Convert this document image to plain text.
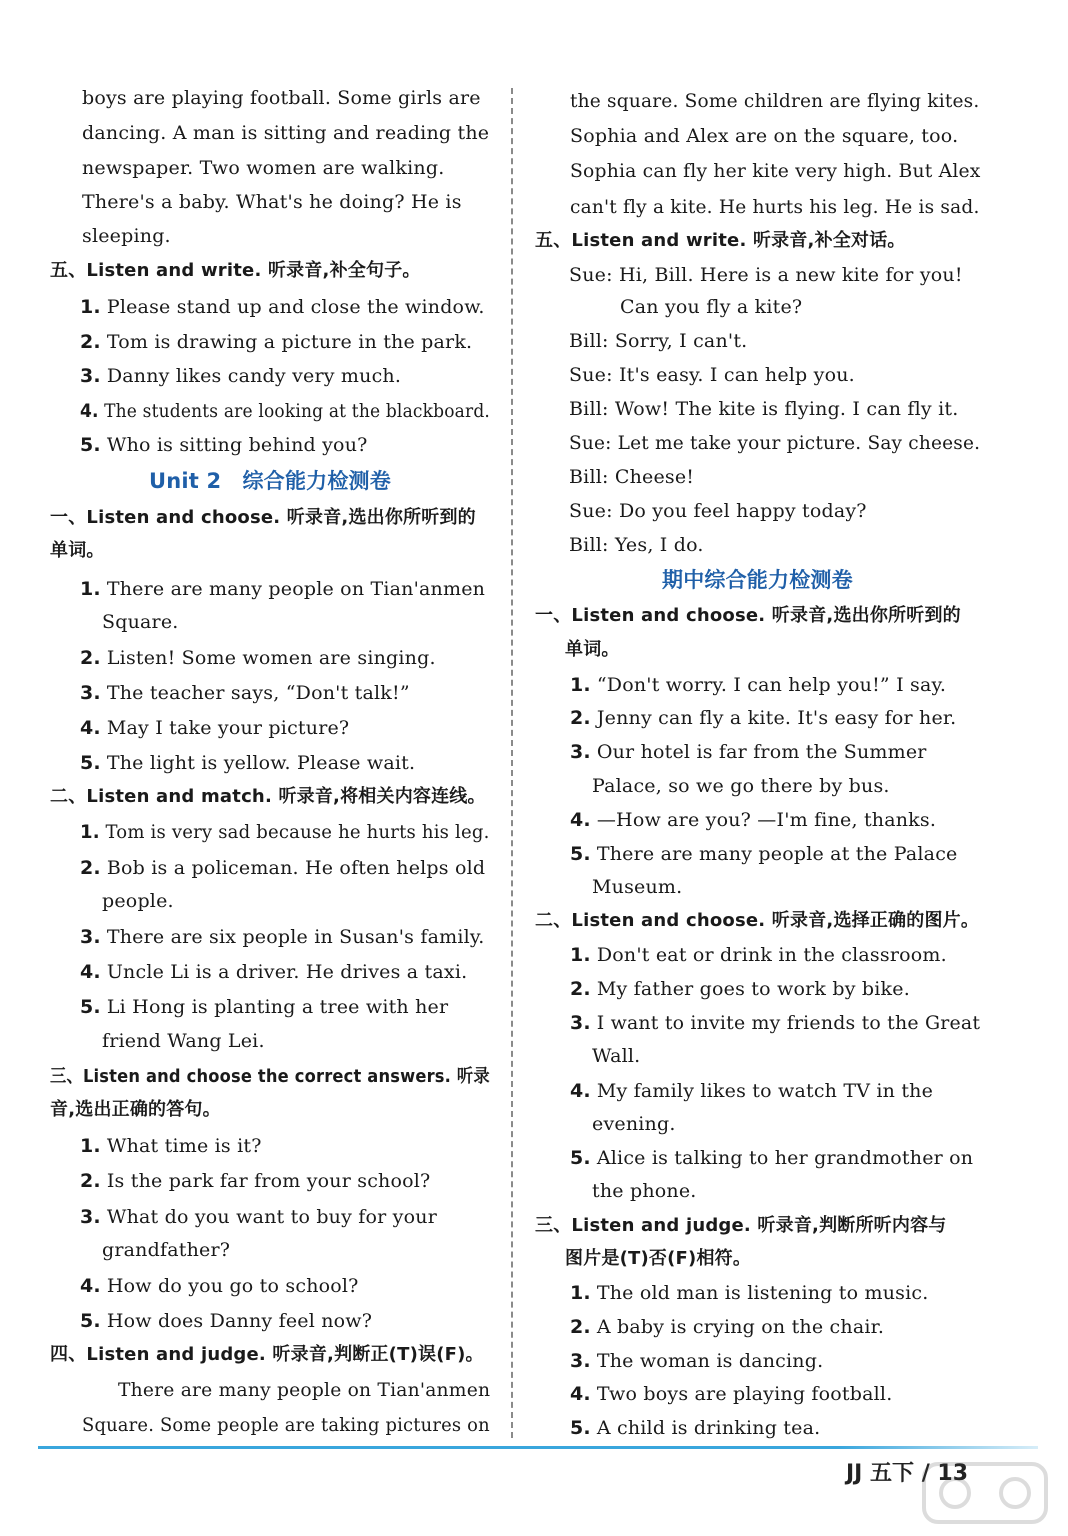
boys are playing football. Some girls are
dancing. A man is sitting and reading the
newspaper. Two women are walking.
There's a baby. What's he doing? He is
sleeping.
五、Listen and write. 听录音,补全句子。
1. Please stand up and close the window.
2. Tom is drawing a picture in the park.
3. Danny likes candy very much.
4. The students are looking at the blackboard.
5. Who is sitting behind you?
Unit 2　综合能力检测卷
一、Listen and choose. 听录音,选出你所听到的
单词。
1. There are many people on Tian'anmen
Square.
2. Listen! Some women are singing.
3. The teacher says, “Don't talk!”
4. May I take your picture?
5. The light is yellow. Please wait.
二、Listen and match. 听录音,将相关内容连线。
1. Tom is very sad because he hurts his leg.
2. Bob is a policeman. He often helps old
people.
3. There are six people in Susan's family.
4. Uncle Li is a driver. He drives a taxi.
5. Li Hong is planting a tree with her
friend Wang Lei.
三、Listen and choose the correct answers. 听录
音,选出正确的答句。
1. What time is it?
2. Is the park far from your school?
3. What do you want to buy for your
grandfather?
4. How do you go to school?
5. How does Danny feel now?
四、Listen and judge. 听录音,判断正(T)误(F)。
There are many people on Tian'anmen
Square. Some people are taking pictures on
the square. Some children are flying kites.
Sophia and Alex are on the square, too.
Sophia can fly her kite very high. But Alex
can't fly a kite. He hurts his leg. He is sad.
五、Listen and write. 听录音,补全对话。
Sue: Hi, Bill. Here is a new kite for you!
Can you fly a kite?
Bill: Sorry, I can't.
Sue: It's easy. I can help you.
Bill: Wow! The kite is flying. I can fly it.
Sue: Let me take your picture. Say cheese.
Bill: Cheese!
Sue: Do you feel happy today?
Bill: Yes, I do.
期中综合能力检测卷
一、Listen and choose. 听录音,选出你所听到的
单词。
1. “Don't worry. I can help you!” I say.
2. Jenny can fly a kite. It's easy for her.
3. Our hotel is far from the Summer
Palace, so we go there by bus.
4. —How are you? —I'm fine, thanks.
5. There are many people at the Palace
Museum.
二、Listen and choose. 听录音,选择正确的图片。
1. Don't eat or drink in the classroom.
2. My father goes to work by bike.
3. I want to invite my friends to the Great
Wall.
4. My family likes to watch TV in the
evening.
5. Alice is talking to her grandmother on
the phone.
三、Listen and judge. 听录音,判断所听内容与
图片是(T)否(F)相符。
1. The old man is listening to music.
2. A baby is crying on the chair.
3. The woman is dancing.
4. Two boys are playing football.
5. A child is drinking tea.
JJ 五下 / 13
